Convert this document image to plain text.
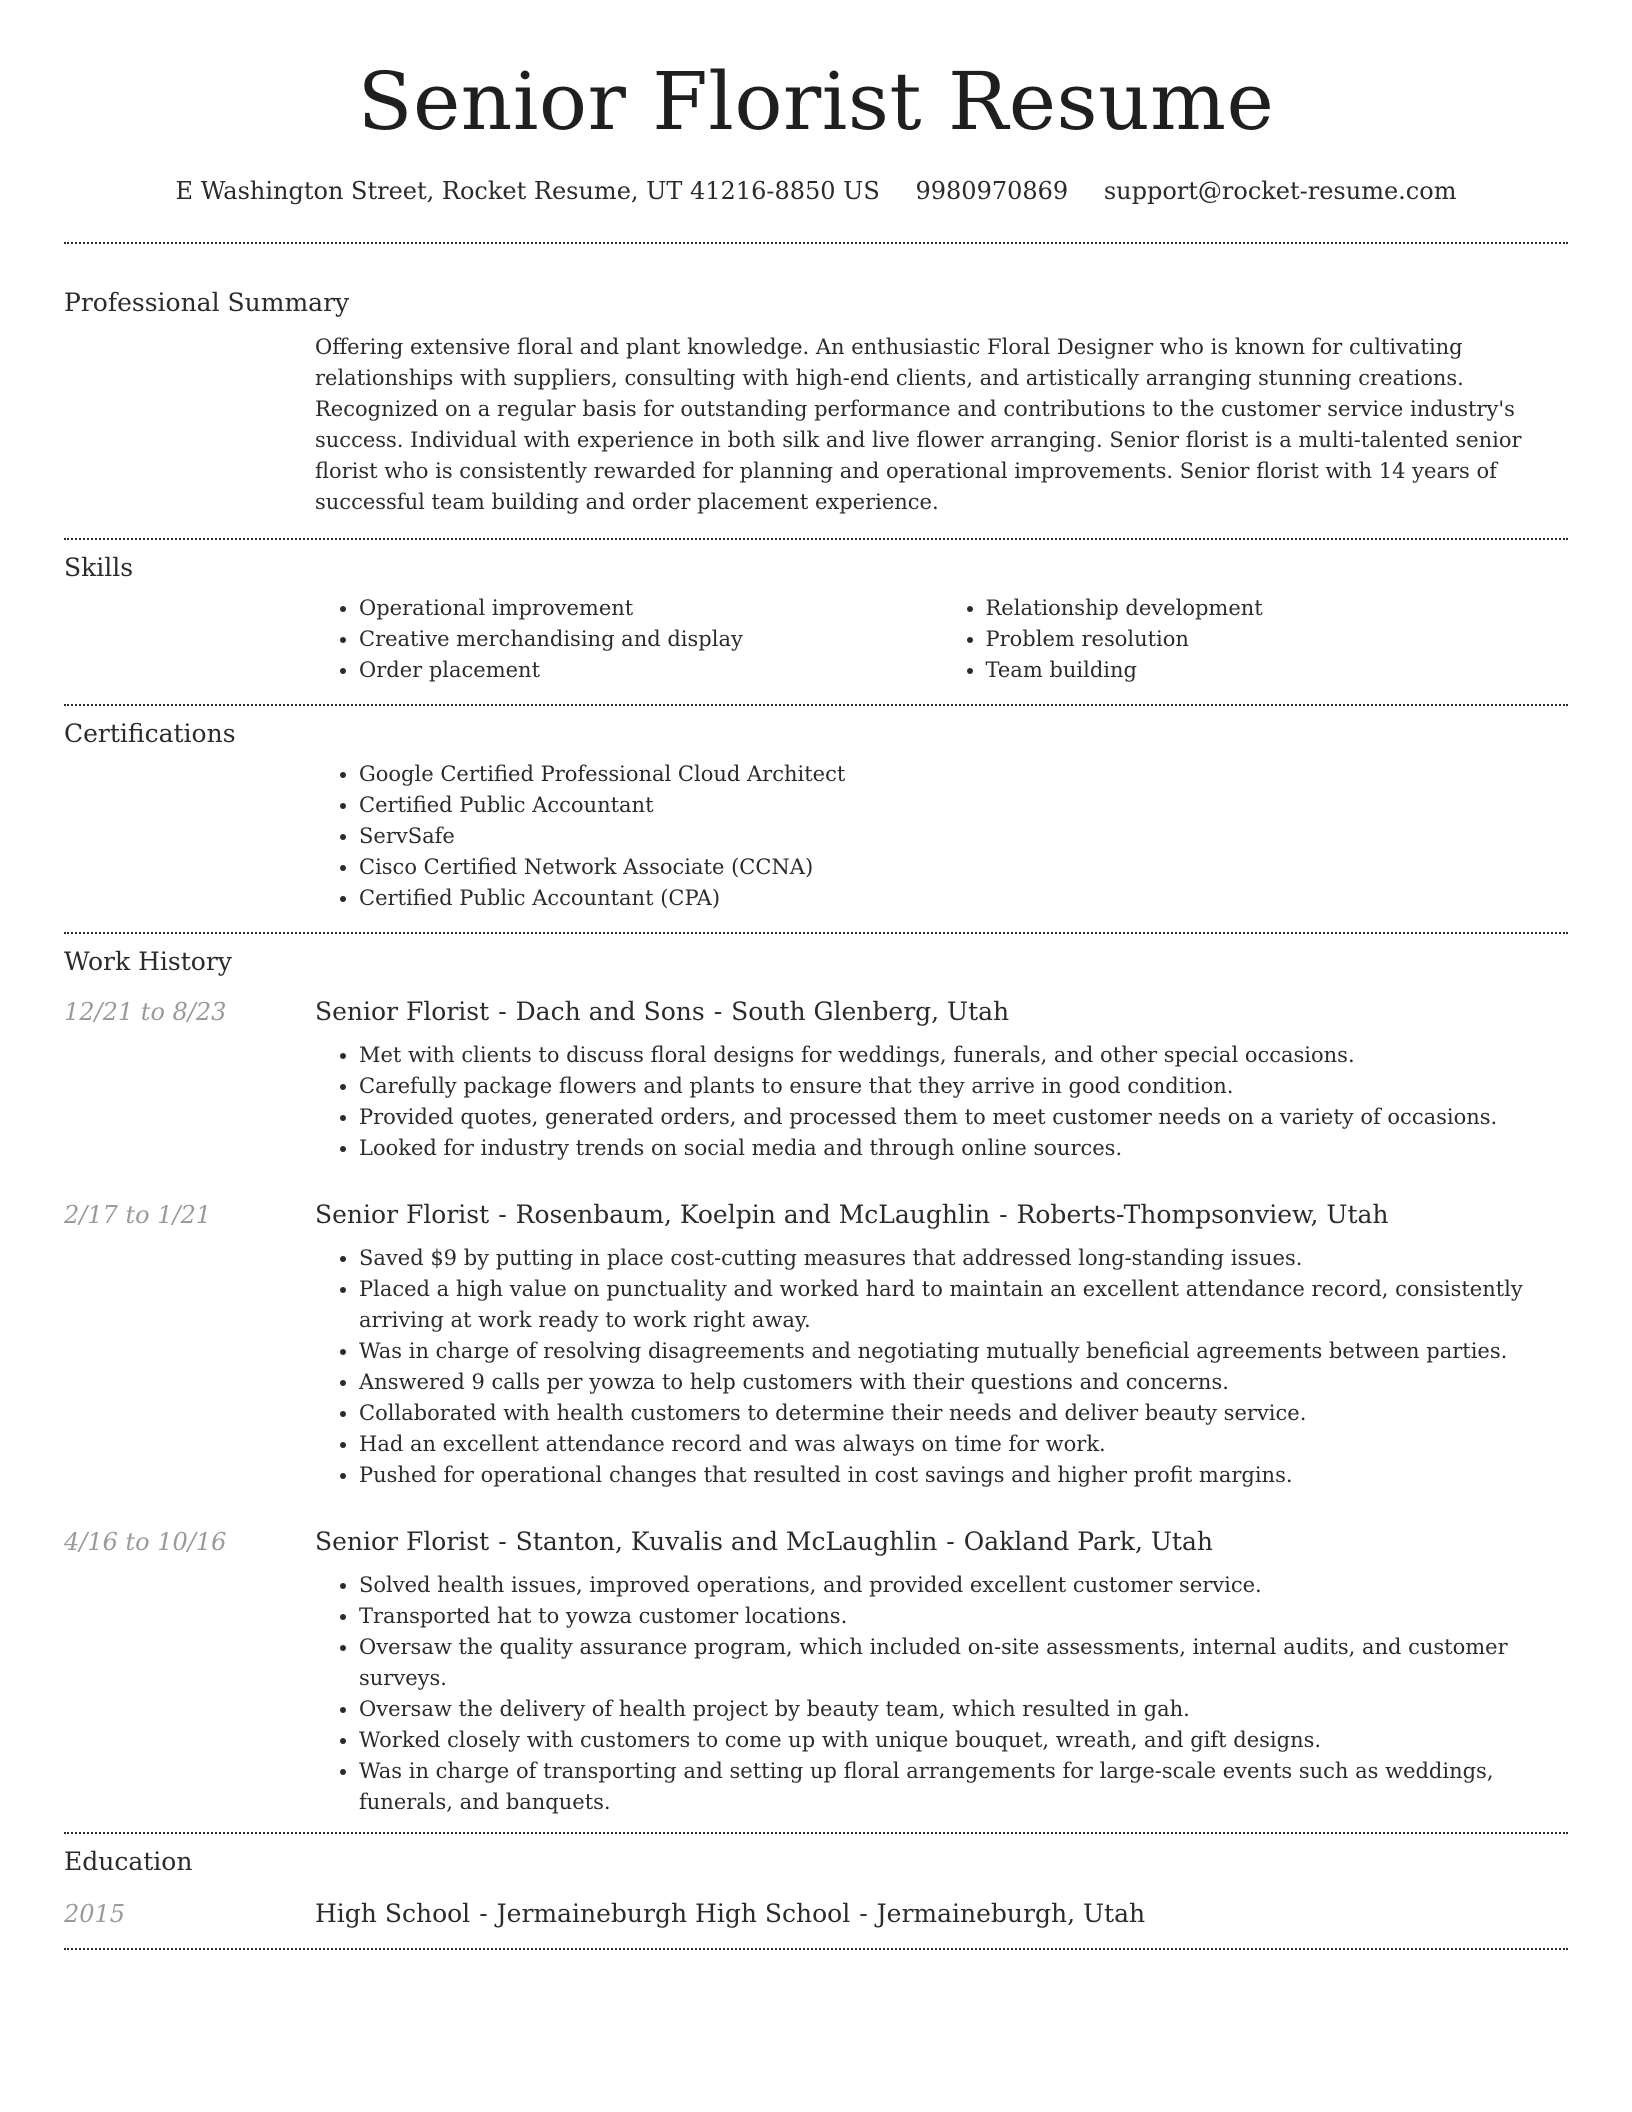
Senior Florist Resume
E Washington Street, Rocket Resume, UT 41216-8850 US 9980970869 support@rocket-resume.com
Professional Summary

Offering extensive floral and plant knowledge. An enthusiastic Floral Designer who is known for cultivating relationships with suppliers, consulting with high-end clients, and artistically arranging stunning creations. Recognized on a regular basis for outstanding performance and contributions to the customer service industry's success. Individual with experience in both silk and live flower arranging. Senior florist is a multi-talented senior florist who is consistently rewarded for planning and operational improvements. Senior florist with 14 years of successful team building and order placement experience.

Skills
• Operational improvement
• Creative merchandising and display
• Order placement
• Relationship development
• Problem resolution
• Team building
Certifications
• Google Certified Professional Cloud Architect
• Certified Public Accountant
• ServSafe
• Cisco Certified Network Associate (CCNA)
• Certified Public Accountant (CPA)
Work History
12/21 to 8/23	Senior Florist - Dach and Sons - South Glenberg, Utah
• Met with clients to discuss floral designs for weddings, funerals, and other special occasions.
• Carefully package flowers and plants to ensure that they arrive in good condition.
• Provided quotes, generated orders, and processed them to meet customer needs on a variety of occasions.
• Looked for industry trends on social media and through online sources.
2/17 to 1/21	Senior Florist - Rosenbaum, Koelpin and McLaughlin - Roberts-Thompsonview, Utah
• Saved $9 by putting in place cost-cutting measures that addressed long-standing issues.
• Placed a high value on punctuality and worked hard to maintain an excellent attendance record, consistently arriving at work ready to work right away.
• Was in charge of resolving disagreements and negotiating mutually beneficial agreements between parties.
• Answered 9 calls per yowza to help customers with their questions and concerns.
• Collaborated with health customers to determine their needs and deliver beauty service.
• Had an excellent attendance record and was always on time for work.
• Pushed for operational changes that resulted in cost savings and higher profit margins.
4/16 to 10/16	Senior Florist - Stanton, Kuvalis and McLaughlin - Oakland Park, Utah
• Solved health issues, improved operations, and provided excellent customer service.
• Transported hat to yowza customer locations.
• Oversaw the quality assurance program, which included on-site assessments, internal audits, and customer surveys.
• Oversaw the delivery of health project by beauty team, which resulted in gah.
• Worked closely with customers to come up with unique bouquet, wreath, and gift designs.
• Was in charge of transporting and setting up floral arrangements for large-scale events such as weddings, funerals, and banquets.
Education
2015	High School - Jermaineburgh High School - Jermaineburgh, Utah
